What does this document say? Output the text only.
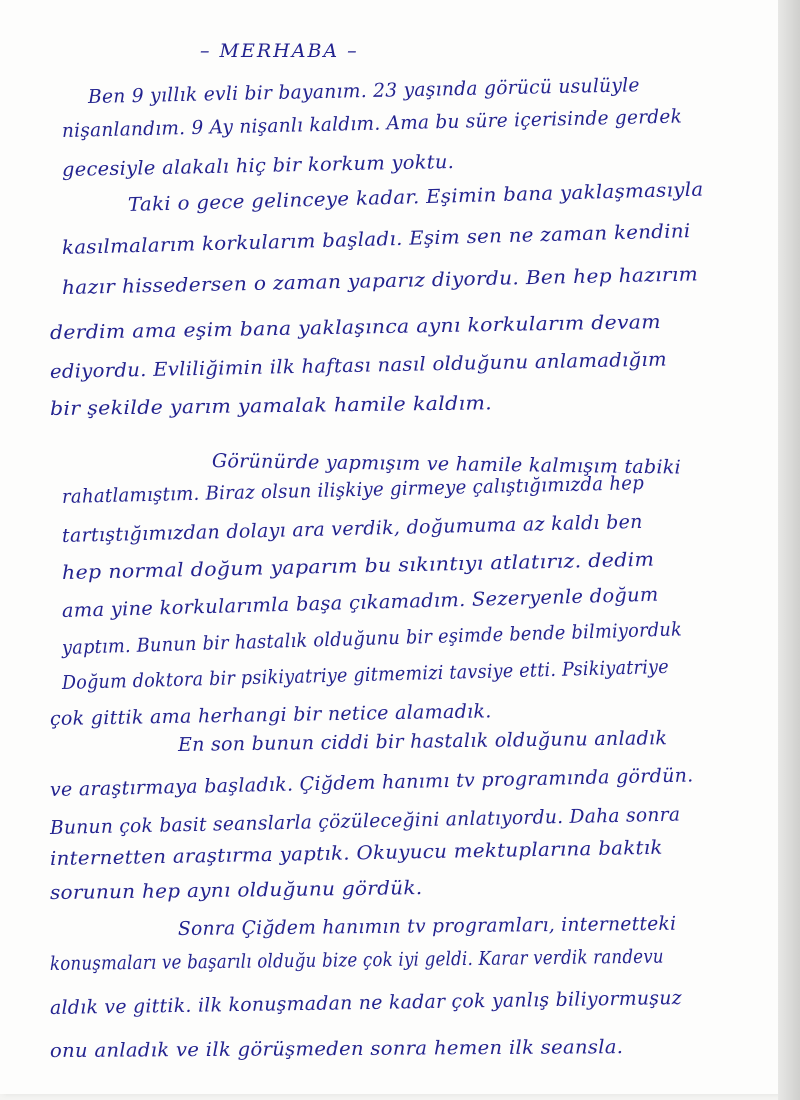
– MERHABA –

Ben 9 yıllık evli bir bayanım. 23 yaşında görücü usulüyle

nişanlandım. 9 Ay nişanlı kaldım. Ama bu süre içerisinde gerdek

gecesiyle alakalı hiç bir korkum yoktu.

Taki o gece gelinceye kadar. Eşimin bana yaklaşmasıyla

kasılmalarım korkularım başladı. Eşim sen ne zaman kendini

hazır hissedersen o zaman yaparız diyordu. Ben hep hazırım

derdim ama eşim bana yaklaşınca aynı korkularım devam

ediyordu. Evliliğimin ilk haftası nasıl olduğunu anlamadığım

bir şekilde yarım yamalak hamile kaldım.

Görünürde yapmışım ve hamile kalmışım tabiki

rahatlamıştım. Biraz olsun ilişkiye girmeye çalıştığımızda hep

tartıştığımızdan dolayı ara verdik, doğumuma az kaldı ben

hep normal doğum yaparım bu sıkıntıyı atlatırız. dedim

ama yine korkularımla başa çıkamadım. Sezeryenle doğum

yaptım. Bunun bir hastalık olduğunu bir eşimde bende bilmiyorduk

Doğum doktora bir psikiyatriye gitmemizi tavsiye etti. Psikiyatriye

çok gittik ama herhangi bir netice alamadık.

En son bunun ciddi bir hastalık olduğunu anladık

ve araştırmaya başladık. Çiğdem hanımı tv programında gördün.

Bunun çok basit seanslarla çözüleceğini anlatıyordu. Daha sonra

internetten araştırma yaptık. Okuyucu mektuplarına baktık

sorunun hep aynı olduğunu gördük.

Sonra Çiğdem hanımın tv programları, internetteki

konuşmaları ve başarılı olduğu bize çok iyi geldi. Karar verdik randevu

aldık ve gittik. ilk konuşmadan ne kadar çok yanlış biliyormuşuz

onu anladık ve ilk görüşmeden sonra hemen ilk seansla.
